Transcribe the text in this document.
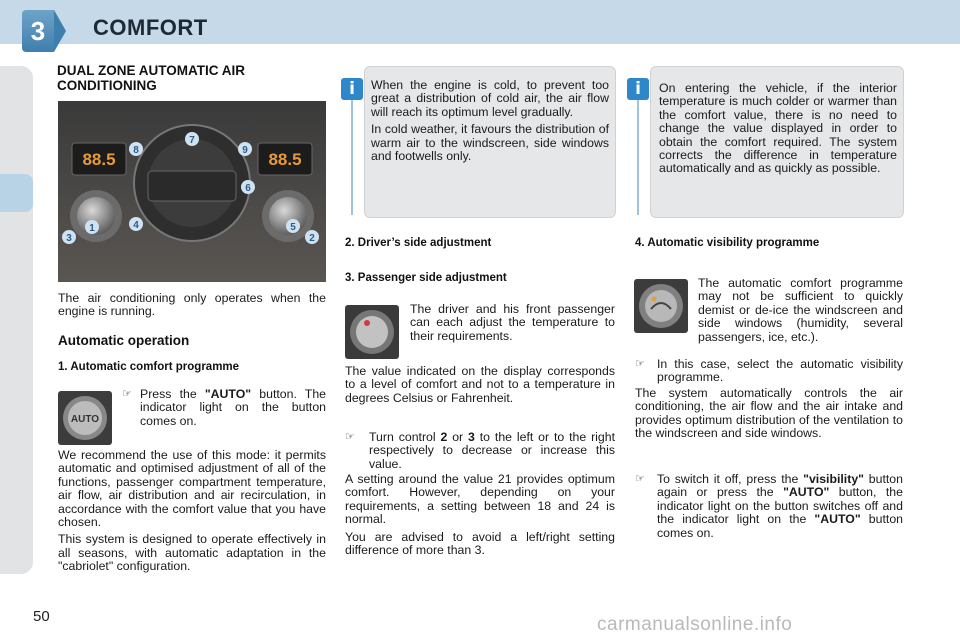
3	COMFORT
DUAL ZONE AUTOMATIC AIR CONDITIONING
88.5	88.5
1
2
3
4	5
6
7
8	9
The air conditioning only operates when the engine is running.
Automatic operation
1. Automatic comfort programme
AUTO
☞ Press the "AUTO" button. The indicator light on the button comes on.

We recommend the use of this mode: it permits automatic and optimised adjustment of all of the functions, passenger compartment temperature, air flow, air distribution and air recirculation, in accordance with the comfort value that you have chosen.

This system is designed to operate effectively in all seasons, with automatic adaptation in the "cabriolet" configuration.

i	When the engine is cold, to prevent too great a distribution of cold air, the air flow will reach its optimum level gradually.

In cold weather, it favours the distribution of warm air to the windscreen, side windows and footwells only.

i	On entering the vehicle, if the interior temperature is much colder or warmer than the comfort value, there is no need to change the value displayed in order to obtain the comfort required. The system corrects the difference in temperature automatically and as quickly as possible.

2. Driver’s side adjustment
3. Passenger side adjustment
The driver and his front passenger can each adjust the temperature to their requirements.
The value indicated on the display corresponds to a level of comfort and not to a temperature in degrees Celsius or Fahrenheit.
☞ Turn control 2 or 3 to the left or to the right respectively to decrease or increase this value.

A setting around the value 21 provides optimum comfort. However, depending on your requirements, a setting between 18 and 24 is normal.

You are advised to avoid a left/right setting difference of more than 3.

4. Automatic visibility programme
The automatic comfort programme may not be sufficient to quickly demist or de-ice the windscreen and side windows (humidity, several passengers, ice, etc.).
☞ In this case, select the automatic visibility programme.
The system automatically controls the air conditioning, the air flow and the air intake and provides optimum distribution of the ventilation to the windscreen and side windows.
☞ To switch it off, press the "visibility" button again or press the "AUTO" button, the indicator light on the button switches off and the indicator light on the "AUTO" button comes on.
50	carmanualsonline.info
